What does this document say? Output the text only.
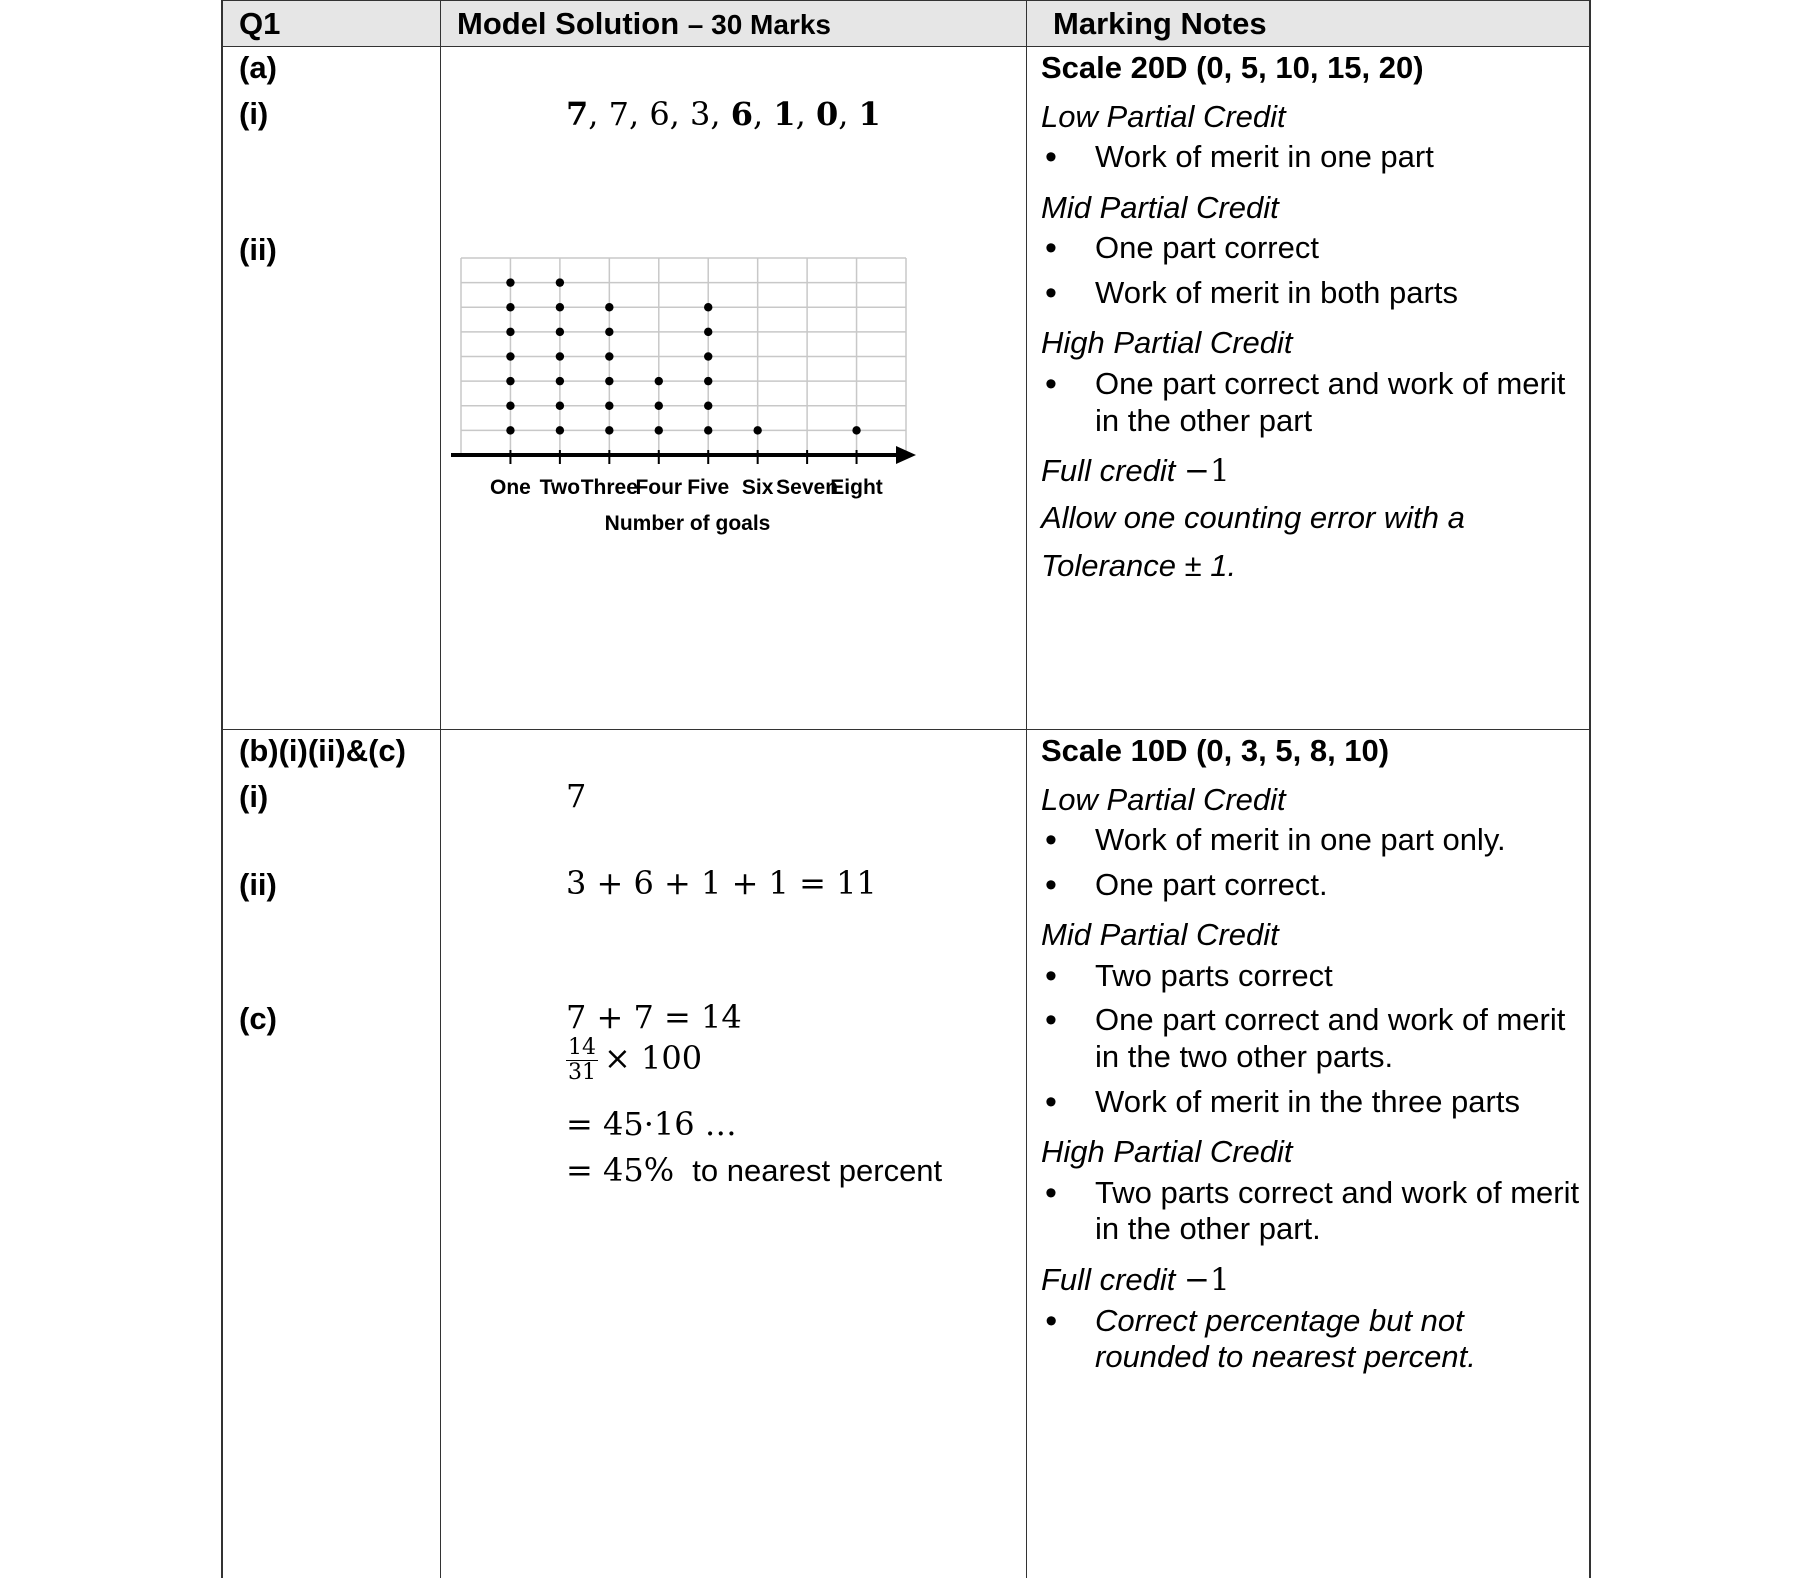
Q1	Model Solution – 30 Marks	Marking Notes
(a)
(i)
(ii)
7, 7, 6, 3, 6, 1, 0, 1
One Two Three
Four Five Six Seven
Eight
Number of goals
Scale 20D (0, 5, 10, 15, 20)
Low Partial Credit
• Work of merit in one part
Mid Partial Credit
• One part correct
• Work of merit in both parts
High Partial Credit
• One part correct and work of merit in the other part
Full credit −1
Allow one counting error with a
Tolerance ± 1.
(b)(i)(ii)&(c)
(i)
(ii)
(c)
7
3 + 6 + 1 + 1 = 11
7 + 7 = 14
$\frac{14}{31} \times 100$
= 45·16 …
= 45% to nearest percent
Scale 10D (0, 3, 5, 8, 10)
Low Partial Credit
• Work of merit in one part only.
• One part correct.
Mid Partial Credit
• Two parts correct
• One part correct and work of merit in the two other parts.
• Work of merit in the three parts
High Partial Credit
• Two parts correct and work of merit in the other part.
Full credit −1
• Correct percentage but not rounded to nearest percent.
